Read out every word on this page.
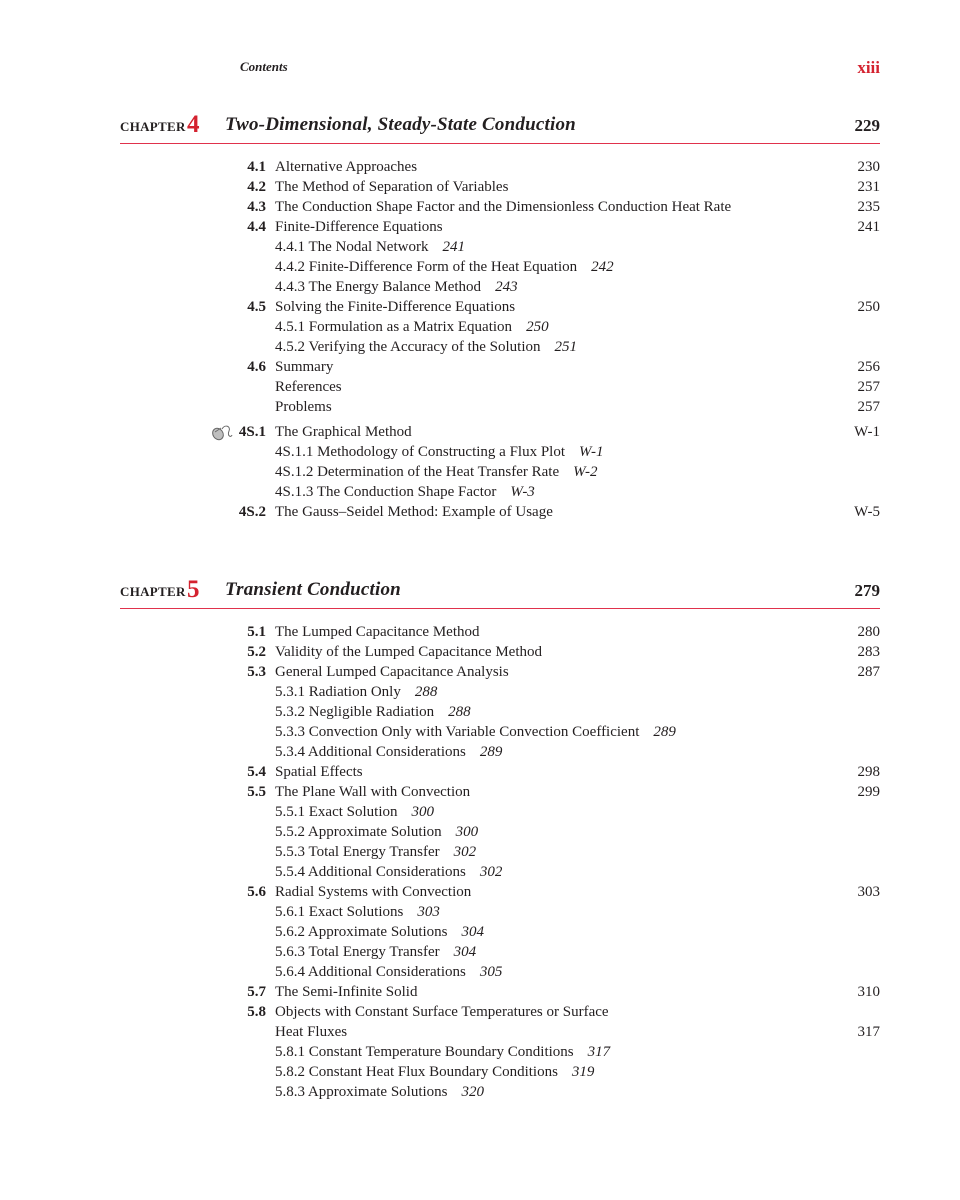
Contents	xiii
CHAPTER 4 Two-Dimensional, Steady-State Conduction	229
4.1 Alternative Approaches	230
4.2 The Method of Separation of Variables	231
4.3 The Conduction Shape Factor and the Dimensionless Conduction Heat Rate	235
4.4 Finite-Difference Equations	241
4.4.1 The Nodal Network 241
4.4.2 Finite-Difference Form of the Heat Equation 242
4.4.3 The Energy Balance Method 243
4.5 Solving the Finite-Difference Equations	250
4.5.1 Formulation as a Matrix Equation 250
4.5.2 Verifying the Accuracy of the Solution 251
4.6 Summary	256
References	257
Problems	257
4S.1 The Graphical Method	W-1
4S.1.1 Methodology of Constructing a Flux Plot W-1
4S.1.2 Determination of the Heat Transfer Rate W-2
4S.1.3 The Conduction Shape Factor W-3
4S.2 The Gauss–Seidel Method: Example of Usage	W-5
CHAPTER 5 Transient Conduction	279
5.1 The Lumped Capacitance Method	280
5.2 Validity of the Lumped Capacitance Method	283
5.3 General Lumped Capacitance Analysis	287
5.3.1 Radiation Only 288
5.3.2 Negligible Radiation 288
5.3.3 Convection Only with Variable Convection Coefficient 289
5.3.4 Additional Considerations 289
5.4 Spatial Effects	298
5.5 The Plane Wall with Convection	299
5.5.1 Exact Solution 300
5.5.2 Approximate Solution 300
5.5.3 Total Energy Transfer 302
5.5.4 Additional Considerations 302
5.6 Radial Systems with Convection	303
5.6.1 Exact Solutions 303
5.6.2 Approximate Solutions 304
5.6.3 Total Energy Transfer 304
5.6.4 Additional Considerations 305
5.7 The Semi-Infinite Solid	310
5.8 Objects with Constant Surface Temperatures or Surface
Heat Fluxes	317
5.8.1 Constant Temperature Boundary Conditions 317
5.8.2 Constant Heat Flux Boundary Conditions 319
5.8.3 Approximate Solutions 320
